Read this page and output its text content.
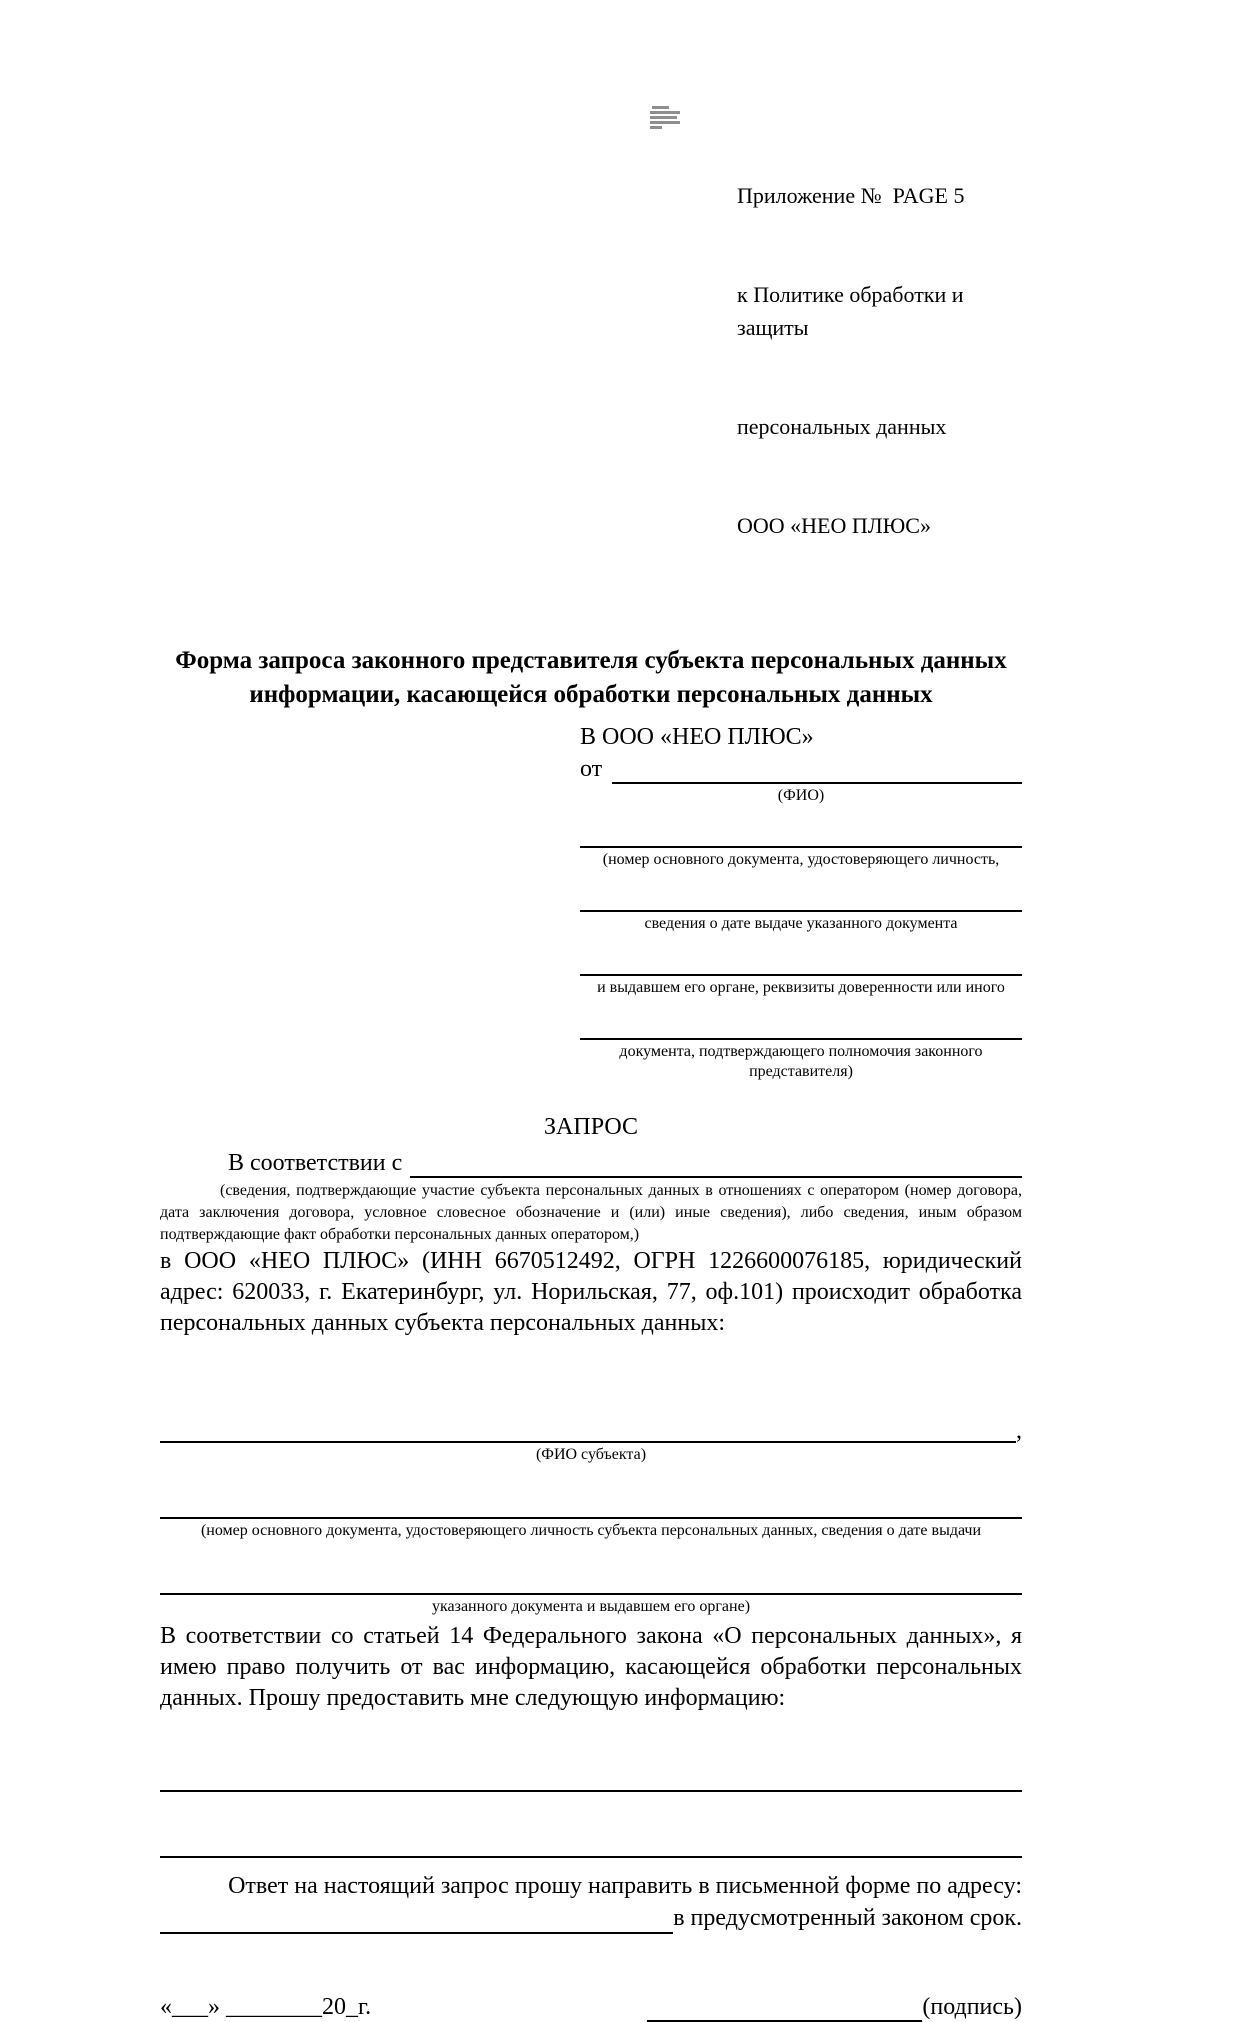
Приложение №  PAGE 5

к Политике обработки и защиты

персональных данных

ООО «НЕО ПЛЮС»

Форма запроса законного представителя субъекта персональных данных
информации, касающейся обработки персональных данных
В ООО «НЕО ПЛЮС»
от
(ФИО)
(номер основного документа, удостоверяющего личность,
сведения о дате выдаче указанного документа
и выдавшем его органе, реквизиты доверенности или иного
документа, подтверждающего полномочия законного представителя)
ЗАПРОС
В соответствии с
(сведения, подтверждающие участие субъекта персональных данных в отношениях с оператором (номер договора, дата заключения договора, условное словесное обозначение и (или) иные сведения), либо сведения, иным образом подтверждающие факт обработки персональных данных оператором,)
в ООО «НЕО ПЛЮС» (ИНН 6670512492, ОГРН 1226600076185, юридический адрес: 620033, г. Екатеринбург, ул. Норильская, 77, оф.101) происходит обработка персональных данных субъекта персональных данных:
,
(ФИО субъекта)
(номер основного документа, удостоверяющего личность субъекта персональных данных, сведения о дате выдачи
указанного документа и выдавшем его органе)
В соответствии со статьей 14 Федерального закона «О персональных данных», я имею право получить от вас информацию, касающейся обработки персональных данных. Прошу предоставить мне следующую информацию:
Ответ на настоящий запрос прошу направить в письменной форме по адресу:
в предусмотренный законом срок.
«___» ________20_г.	(подпись)
